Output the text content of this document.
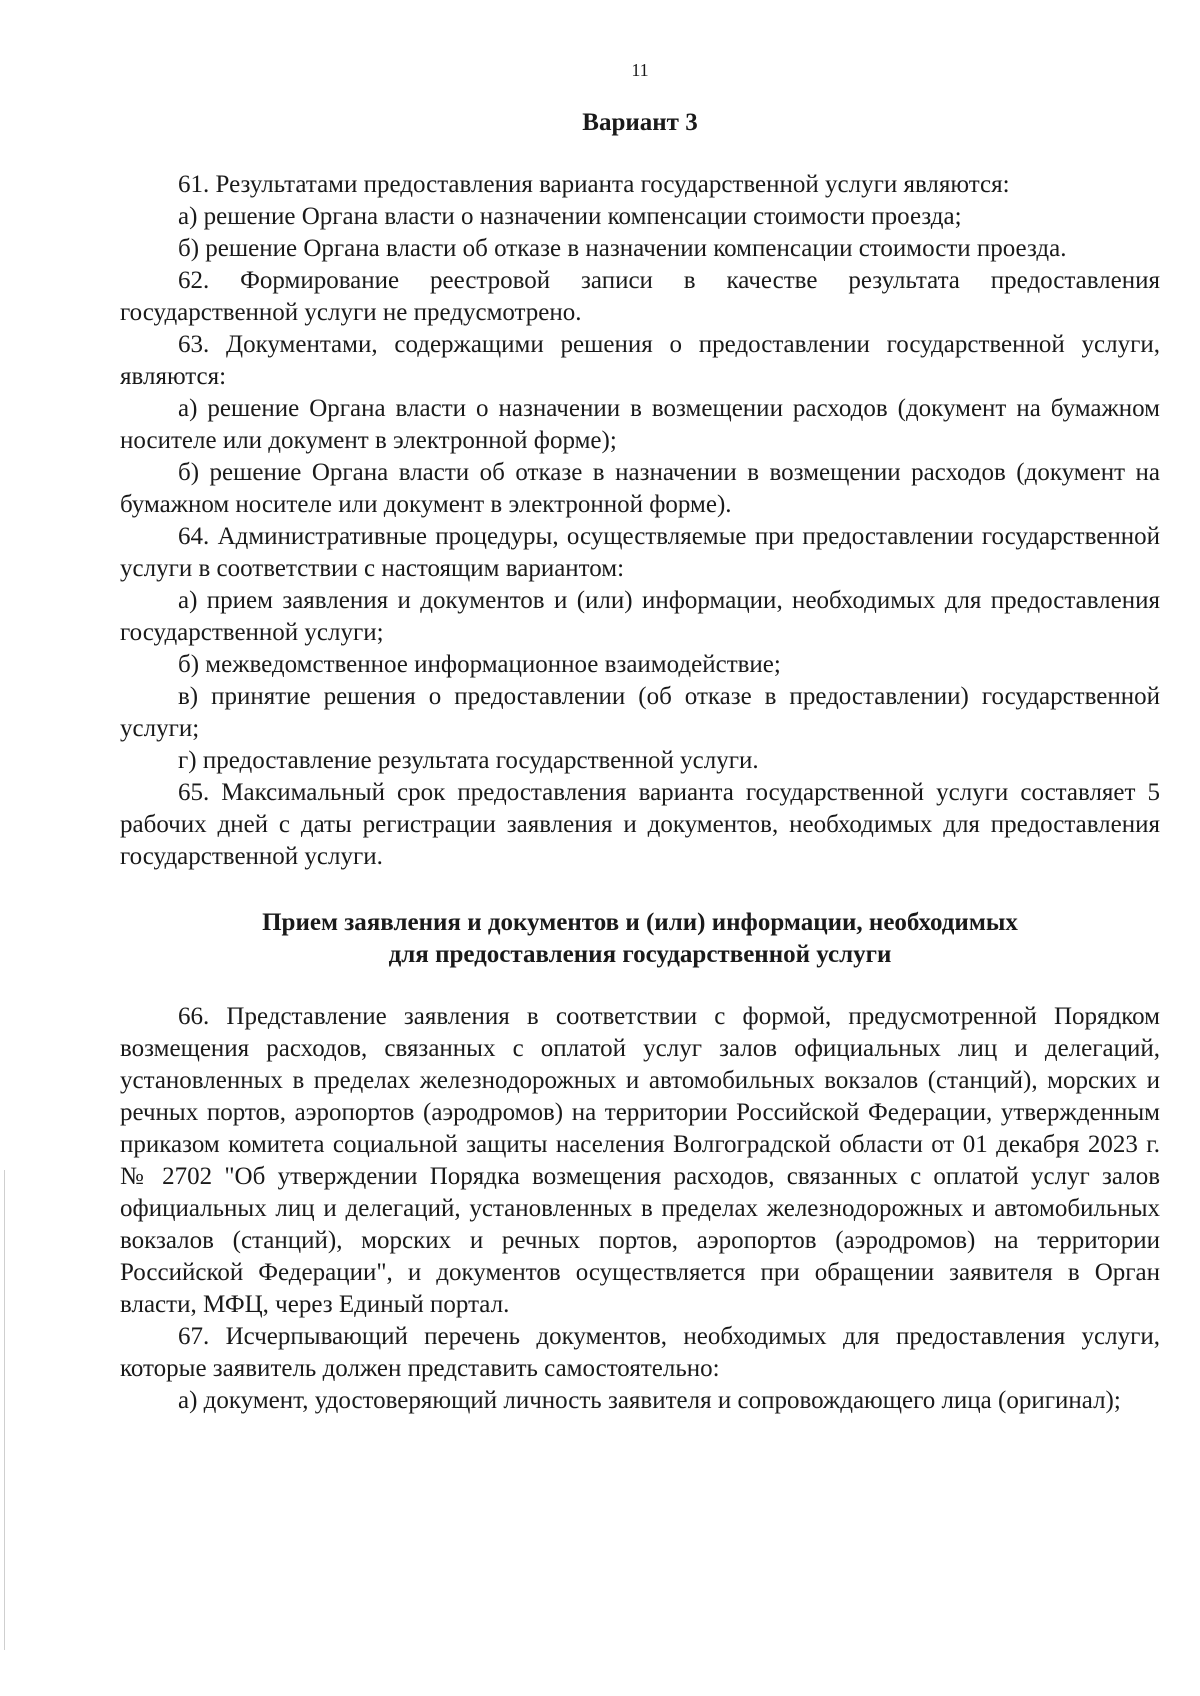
11
Вариант 3

61. Результатами предоставления варианта государственной услуги являются:

а) решение Органа власти о назначении компенсации стоимости проезда;

б) решение Органа власти об отказе в назначении компенсации стоимости проезда.

62. Формирование реестровой записи в качестве результата предоставления государственной услуги не предусмотрено.

63. Документами, содержащими решения о предоставлении государственной услуги, являются:

а) решение Органа власти о назначении в возмещении расходов (документ на бумажном носителе или документ в электронной форме);

б) решение Органа власти об отказе в назначении в возмещении расходов (документ на бумажном носителе или документ в электронной форме).

64. Административные процедуры, осуществляемые при предоставлении государственной услуги в соответствии с настоящим вариантом:

а) прием заявления и документов и (или) информации, необходимых для предоставления государственной услуги;

б) межведомственное информационное взаимодействие;

в) принятие решения о предоставлении (об отказе в предоставлении) государственной услуги;

г) предоставление результата государственной услуги.

65. Максимальный срок предоставления варианта государственной услуги составляет 5 рабочих дней с даты регистрации заявления и документов, необходимых для предоставления государственной услуги.

Прием заявления и документов и (или) информации, необходимых
для предоставления государственной услуги

66. Представление заявления в соответствии с формой, предусмотренной Порядком возмещения расходов, связанных с оплатой услуг залов официальных лиц и делегаций, установленных в пределах железнодорожных и автомобильных вокзалов (станций), морских и речных портов, аэропортов (аэродромов) на территории Российской Федерации, утвержденным приказом комитета социальной защиты населения Волгоградской области от 01 декабря 2023 г. № 2702 "Об утверждении Порядка возмещения расходов, связанных с оплатой услуг залов официальных лиц и делегаций, установленных в пределах железнодорожных и автомобильных вокзалов (станций), морских и речных портов, аэропортов (аэродромов) на территории Российской Федерации", и документов осуществляется при обращении заявителя в Орган власти, МФЦ, через Единый портал.

67. Исчерпывающий перечень документов, необходимых для предоставления услуги, которые заявитель должен представить самостоятельно:

а) документ, удостоверяющий личность заявителя и сопровождающего лица (оригинал);
